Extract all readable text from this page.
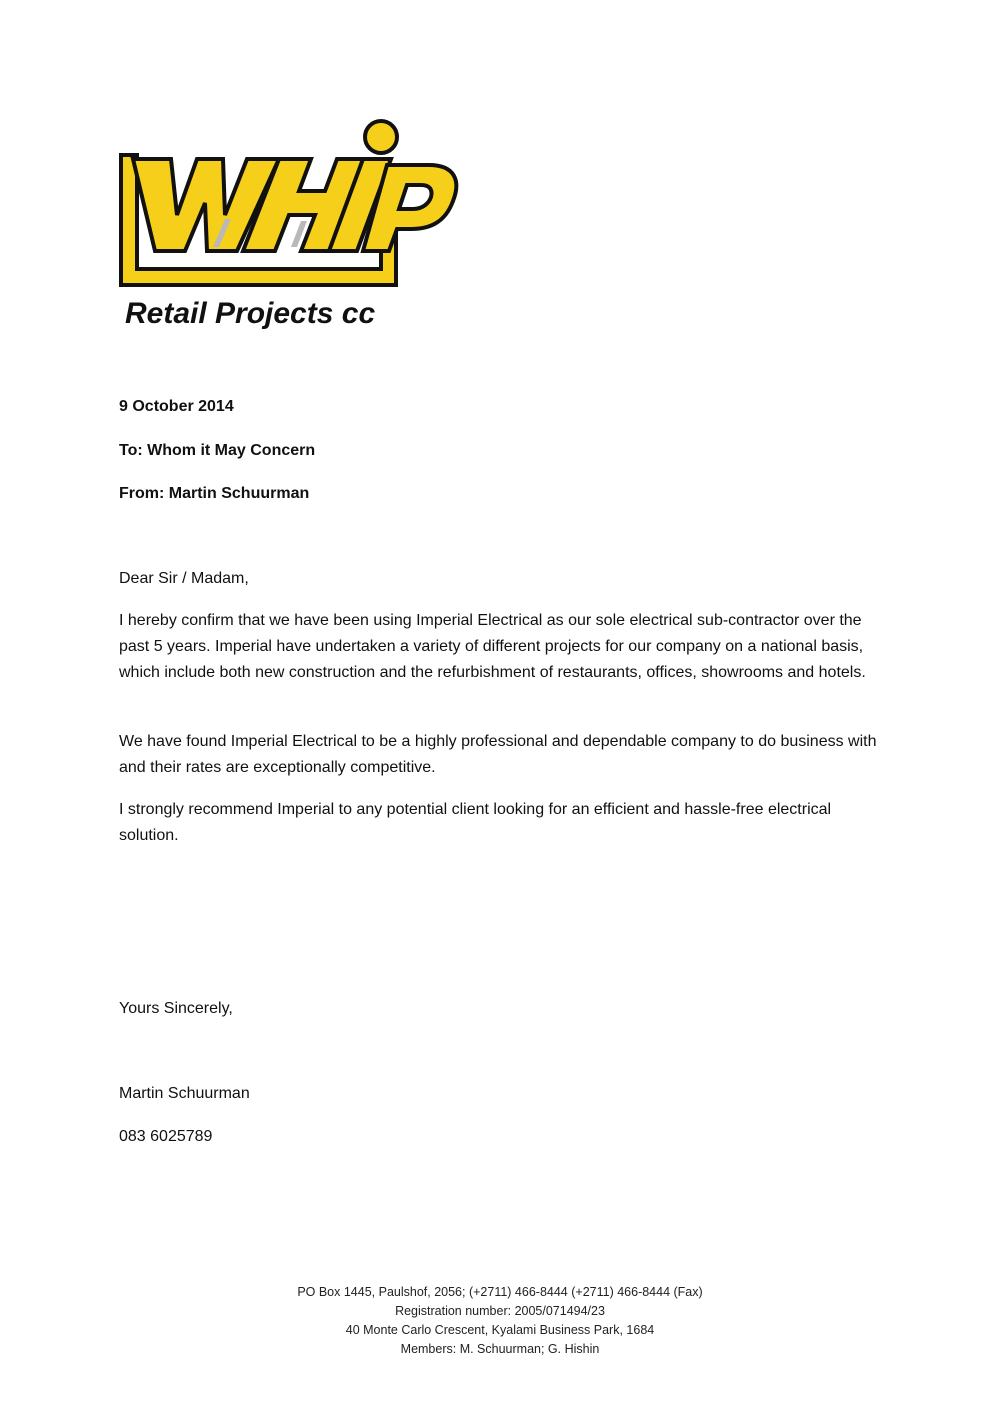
Retail Projects cc

9 October 2014

To: Whom it May Concern

From: Martin Schuurman

Dear Sir / Madam,

I hereby confirm that we have been using Imperial Electrical as our sole electrical sub-contractor over the past 5 years. Imperial have undertaken a variety of different projects for our company on a national basis, which include both new construction and the refurbishment of restaurants, offices, showrooms and hotels.

We have found Imperial Electrical to be a highly professional and dependable company to do business with and their rates are exceptionally competitive.

I strongly recommend Imperial to any potential client looking for an efficient and hassle-free electrical solution.

Yours Sincerely,

Martin Schuurman

083 6025789

PO Box 1445, Paulshof, 2056; (+2711) 466-8444 (+2711) 466-8444 (Fax)
Registration number: 2005/071494/23
40 Monte Carlo Crescent, Kyalami Business Park, 1684
Members: M. Schuurman; G. Hishin
